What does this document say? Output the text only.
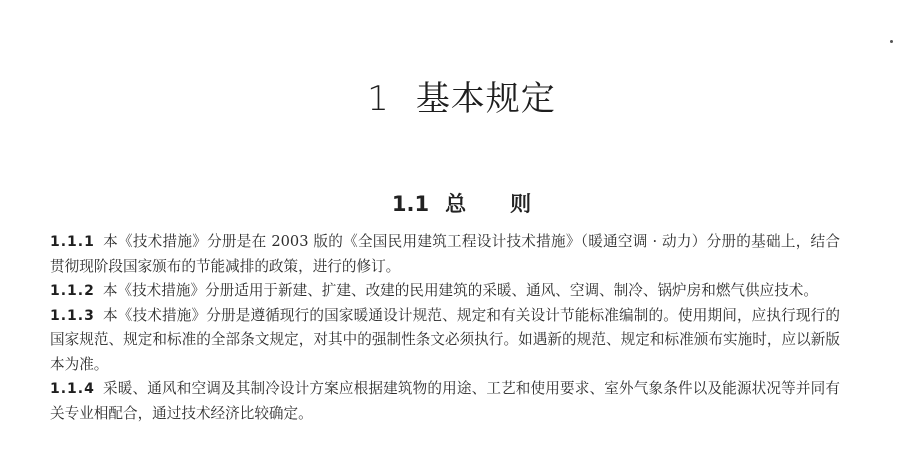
1 基本规定
1.1 总 则

1.1.1 本《技术措施》分册是在 2003 版的《全国民用建筑工程设计技术措施》（暖通空调 · 动力）分册的基础上，结合贯彻现阶段国家颁布的节能减排的政策，进行的修订。

1.1.2 本《技术措施》分册适用于新建、扩建、改建的民用建筑的采暖、通风、空调、制冷、锅炉房和燃气供应技术。

1.1.3 本《技术措施》分册是遵循现行的国家暖通设计规范、规定和有关设计节能标准编制的。使用期间，应执行现行的国家规范、规定和标准的全部条文规定，对其中的强制性条文必须执行。如遇新的规范、规定和标准颁布实施时，应以新版本为准。

1.1.4 采暖、通风和空调及其制冷设计方案应根据建筑物的用途、工艺和使用要求、室外气象条件以及能源状况等并同有关专业相配合，通过技术经济比较确定。
